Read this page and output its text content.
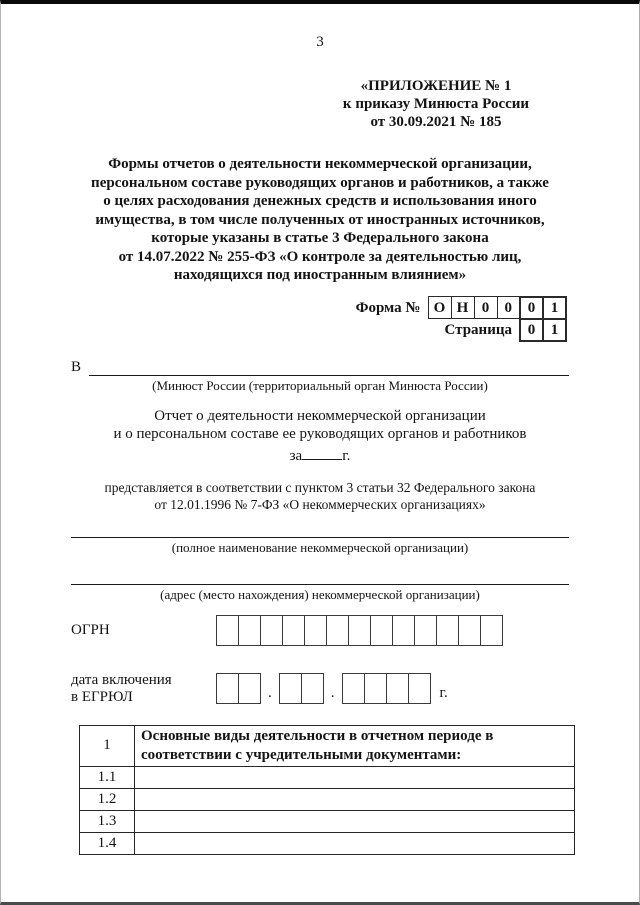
3
«ПРИЛОЖЕНИЕ № 1
к приказу Минюста России
от 30.09.2021 № 185
Формы отчетов о деятельности некоммерческой организации,
персональном составе руководящих органов и работников, а также
о целях расходования денежных средств и использования иного
имущества, в том числе полученных от иностранных источников,
которые указаны в статье 3 Федерального закона
от 14.07.2022 № 255-ФЗ «О контроле за деятельностью лиц,
находящихся под иностранным влиянием»
Форма №	О	Н	0	0	0	1
Страница					0	1
В
(Минюст России (территориальный орган Минюста России)
Отчет о деятельности некоммерческой организации
и о персональном составе ее руководящих органов и работников
за	г.
представляется в соответствии с пунктом 3 статьи 32 Федерального закона
от 12.01.1996 № 7-ФЗ «О некоммерческих организациях»
(полное наименование некоммерческой организации)
(адрес (место нахождения) некоммерческой организации)
ОГРН
дата включения
в ЕГРЮЛ	.	.	г.
1	Основные виды деятельности в отчетном периоде в соответствии с учредительными документами:
1.1	
1.2	
1.3	
1.4	
